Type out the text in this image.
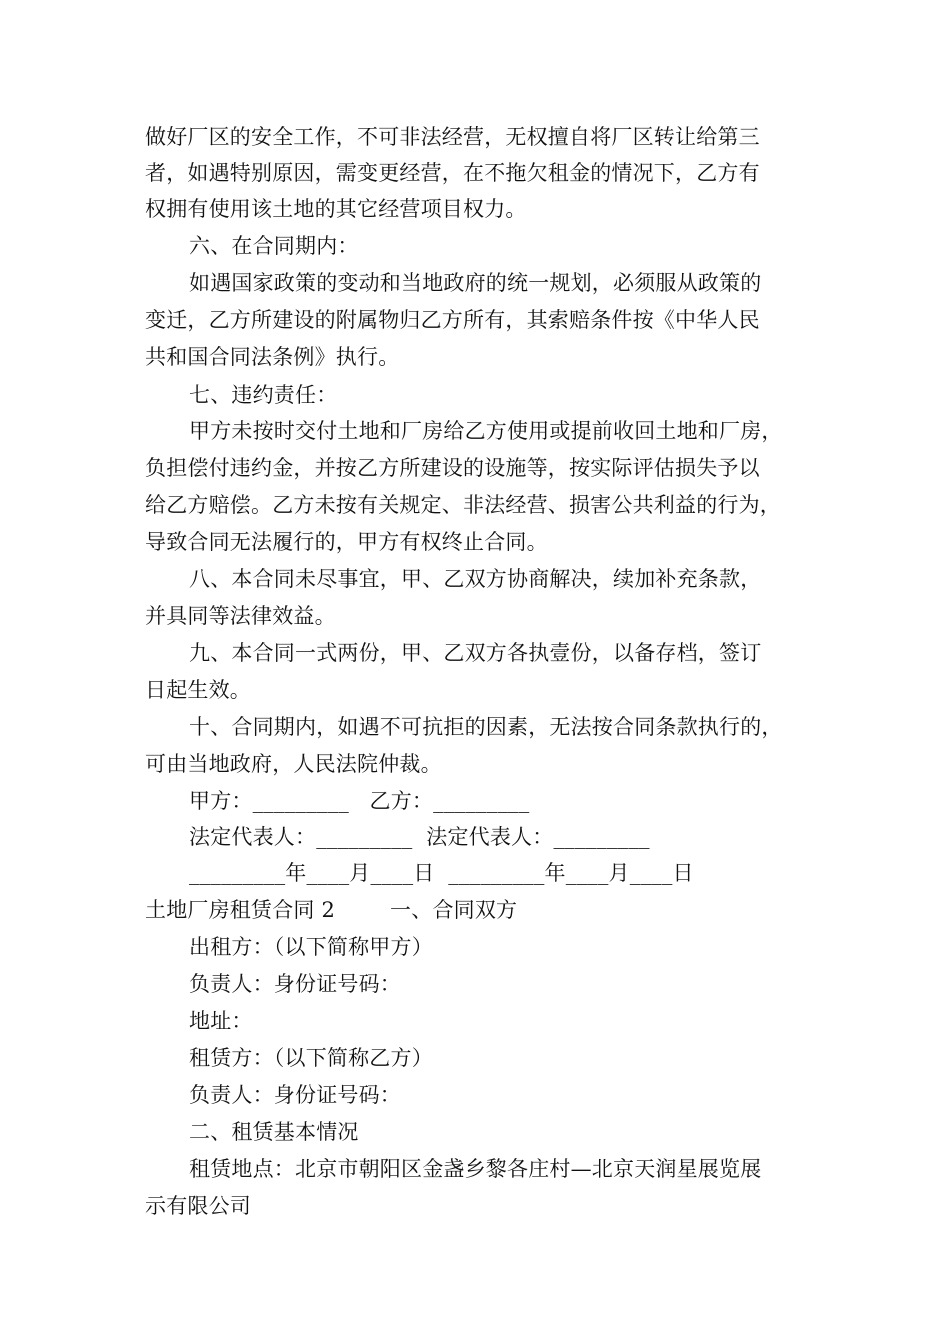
做好厂区的安全工作，不可非法经营，无权擅自将厂区转让给第三
者，如遇特别原因，需变更经营，在不拖欠租金的情况下，乙方有
权拥有使用该土地的其它经营项目权力。
六、在合同期内：
如遇国家政策的变动和当地政府的统一规划，必须服从政策的
变迁，乙方所建设的附属物归乙方所有，其索赔条件按《中华人民
共和国合同法条例》执行。
七、违约责任：
甲方未按时交付土地和厂房给乙方使用或提前收回土地和厂房，
负担偿付违约金，并按乙方所建设的设施等，按实际评估损失予以
给乙方赔偿。乙方未按有关规定、非法经营、损害公共利益的行为，
导致合同无法履行的，甲方有权终止合同。
八、本合同未尽事宜，甲、乙双方协商解决，续加补充条款，
并具同等法律效益。
九、本合同一式两份，甲、乙双方各执壹份，以备存档，签订
日起生效。
十、合同期内，如遇不可抗拒的因素，无法按合同条款执行的，
可由当地政府，人民法院仲裁。
甲方：_________   乙方：_________
法定代表人：_________  法定代表人：_________
_________年____月____日  _________年____月____日
土地厂房租赁合同 2        一、合同双方
出租方：（以下简称甲方）
负责人：身份证号码：
地址：
租赁方：（以下简称乙方）
负责人：身份证号码：
二、租赁基本情况
租赁地点：北京市朝阳区金盏乡黎各庄村—北京天润星展览展
示有限公司
